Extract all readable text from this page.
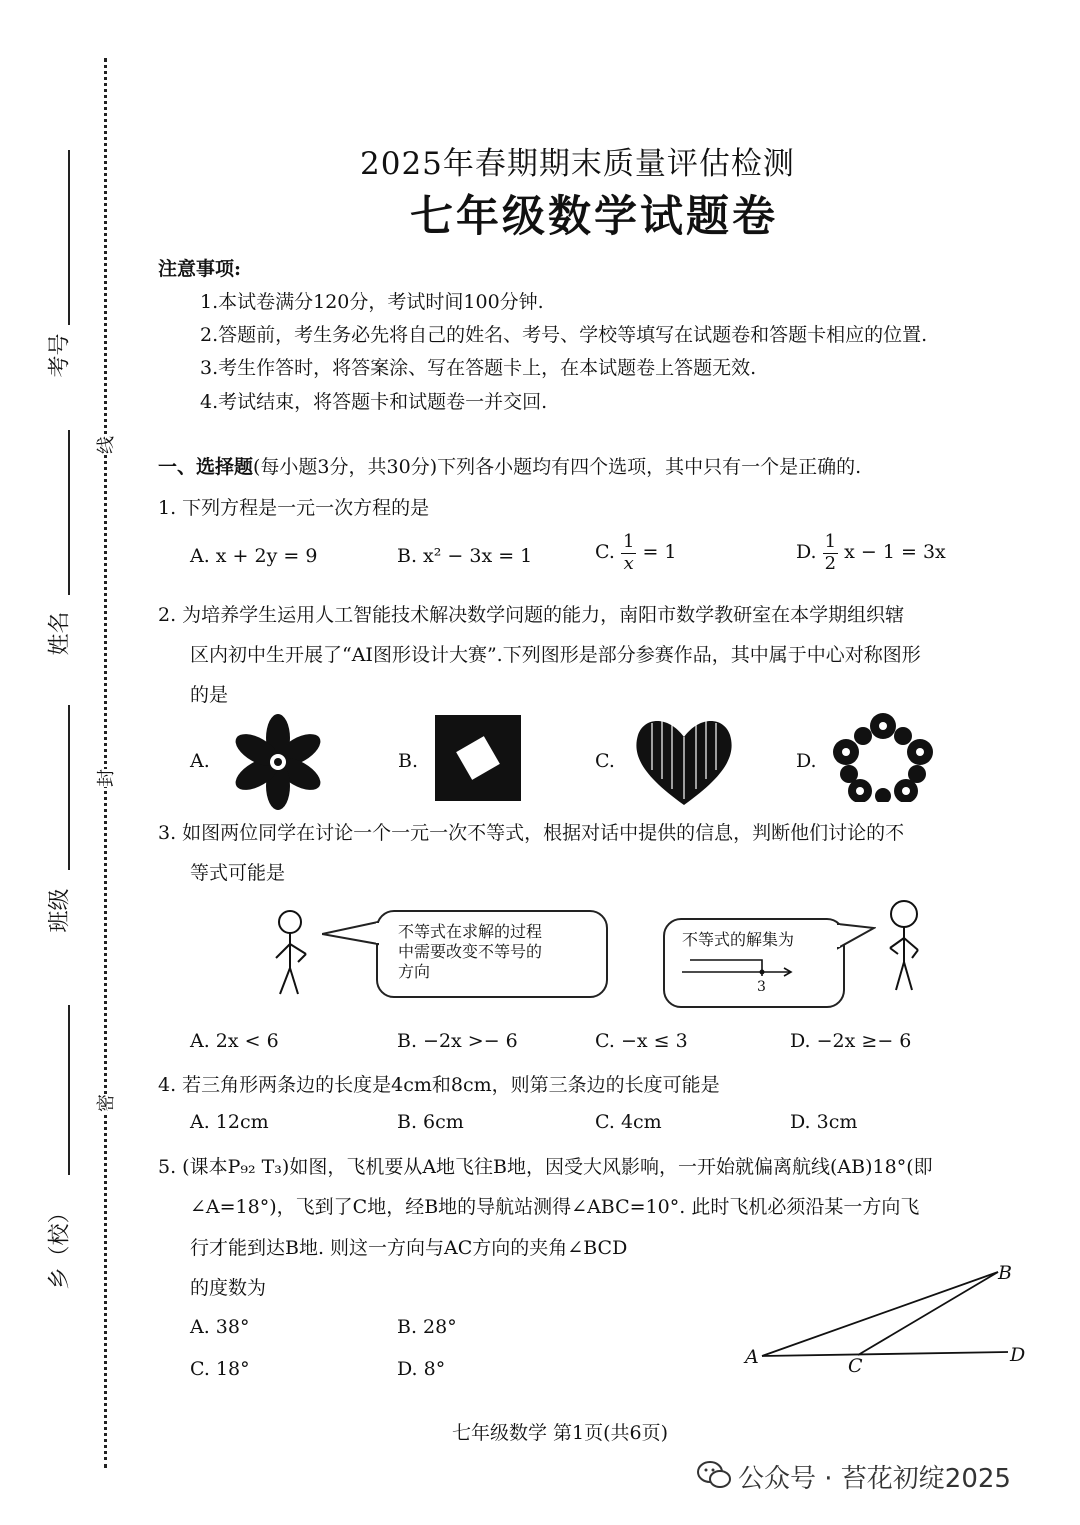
考号
姓名
班级
乡（校）
线
封
密
2025年春期期末质量评估检测
七年级数学试题卷
注意事项:
1.本试卷满分120分，考试时间100分钟.
2.答题前，考生务必先将自己的姓名、考号、学校等填写在试题卷和答题卡相应的位置.
3.考生作答时，将答案涂、写在答题卡上，在本试题卷上答题无效.
4.考试结束，将答题卡和试题卷一并交回.
一、选择题(每小题3分，共30分)下列各小题均有四个选项，其中只有一个是正确的.
1. 下列方程是一元一次方程的是
A. x + 2y = 9	B. x² − 3x = 1	C. $\frac{1}{x} = 1$	D. $\frac{1}{2}$ x − 1 = 3x
2. 为培养学生运用人工智能技术解决数学问题的能力，南阳市数学教研室在本学期组织辖
区内初中生开展了“AI图形设计大赛”.下列图形是部分参赛作品，其中属于中心对称图形
的是
A.	B.	C.	D.
3. 如图两位同学在讨论一个一元一次不等式，根据对话中提供的信息，判断他们讨论的不
等式可能是
不等式在求解的过程
中需要改变不等号的
方向
不等式的解集为
3
A. 2x < 6	B. −2x >− 6	C. −x ≤ 3	D. −2x ≥− 6
4. 若三角形两条边的长度是4cm和8cm，则第三条边的长度可能是
A. 12cm	B. 6cm	C. 4cm	D. 3cm
5. (课本P₉₂ T₃)如图，飞机要从A地飞往B地，因受大风影响，一开始就偏离航线(AB)18°(即
∠A=18°)，飞到了C地，经B地的导航站测得∠ABC=10°. 此时飞机必须沿某一方向飞
行才能到达B地. 则这一方向与AC方向的夹角∠BCD
的度数为
A. 38°	B. 28°
C. 18°	D. 8°
A
B
C	D
七年级数学 第1页(共6页)
公众号 · 苔花初绽2025
